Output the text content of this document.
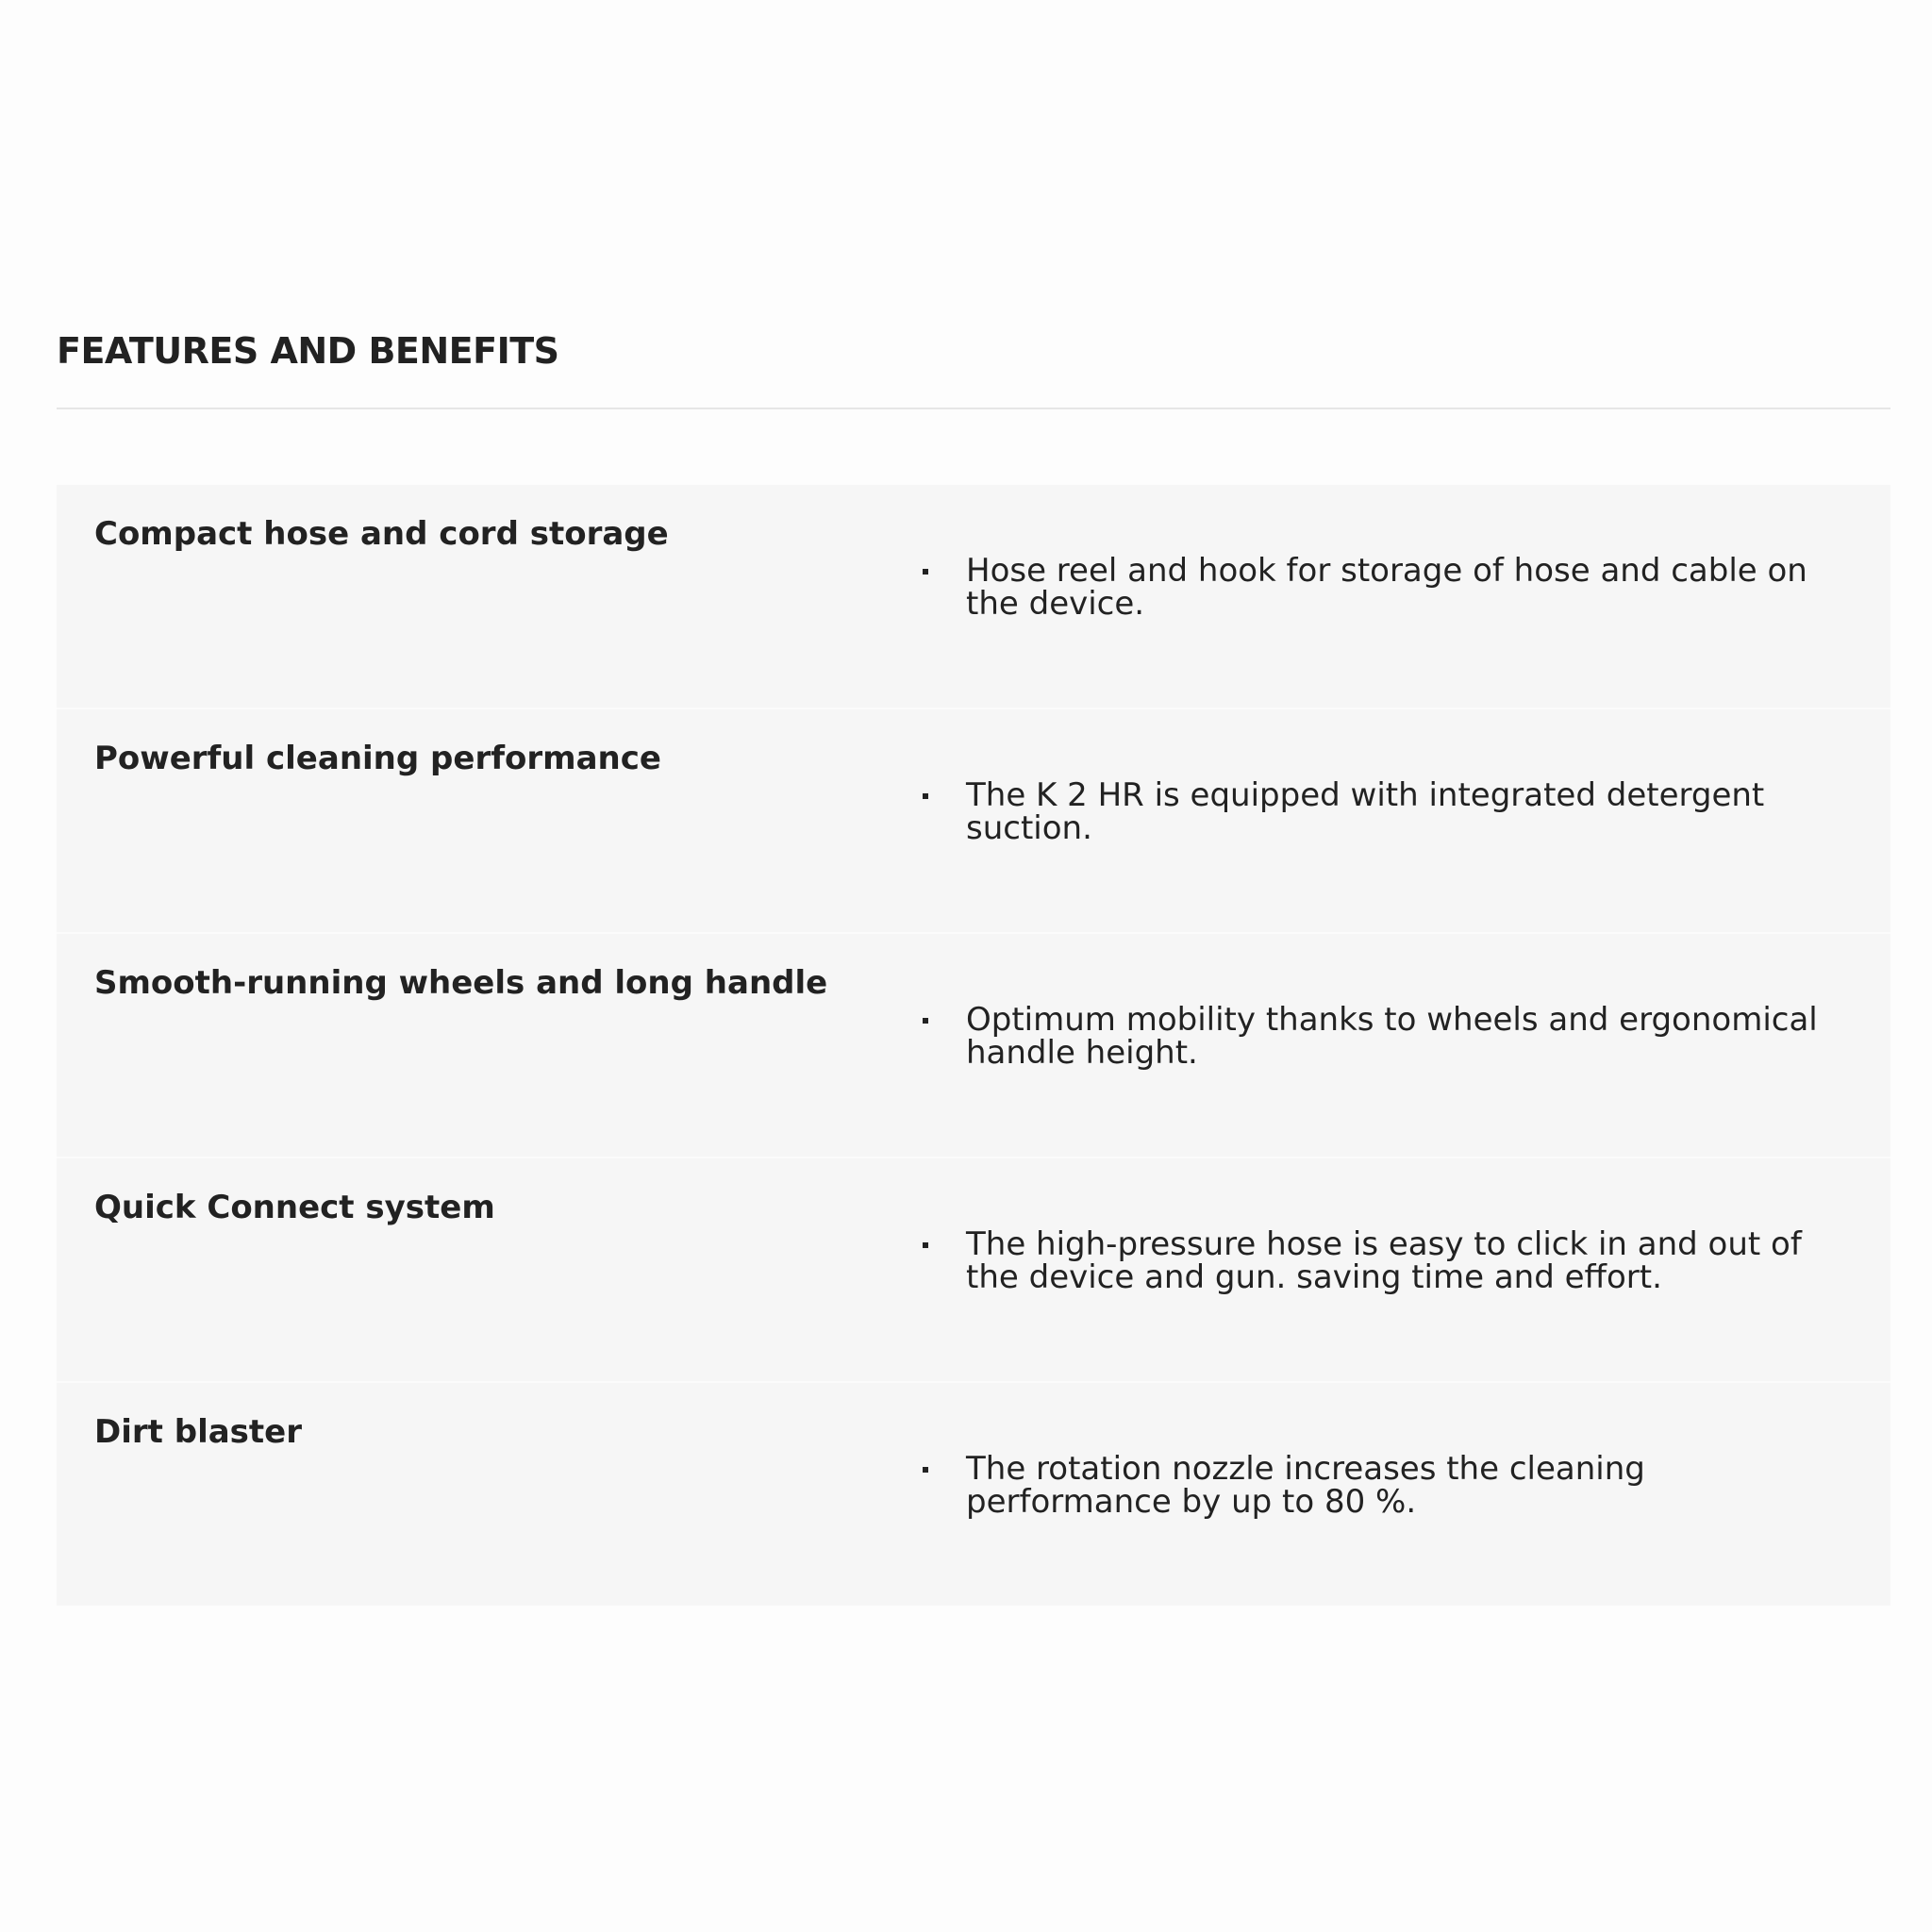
FEATURES AND BENEFITS
Compact hose and cord storage
Hose reel and hook for storage of hose and cable on the device.
Powerful cleaning performance
The K 2 HR is equipped with integrated detergent suction.
Smooth-running wheels and long handle
Optimum mobility thanks to wheels and ergonomical handle height.
Quick Connect system
The high-pressure hose is easy to click in and out of the device and gun. saving time and effort.
Dirt blaster
The rotation nozzle increases the cleaning performance by up to 80 %.
